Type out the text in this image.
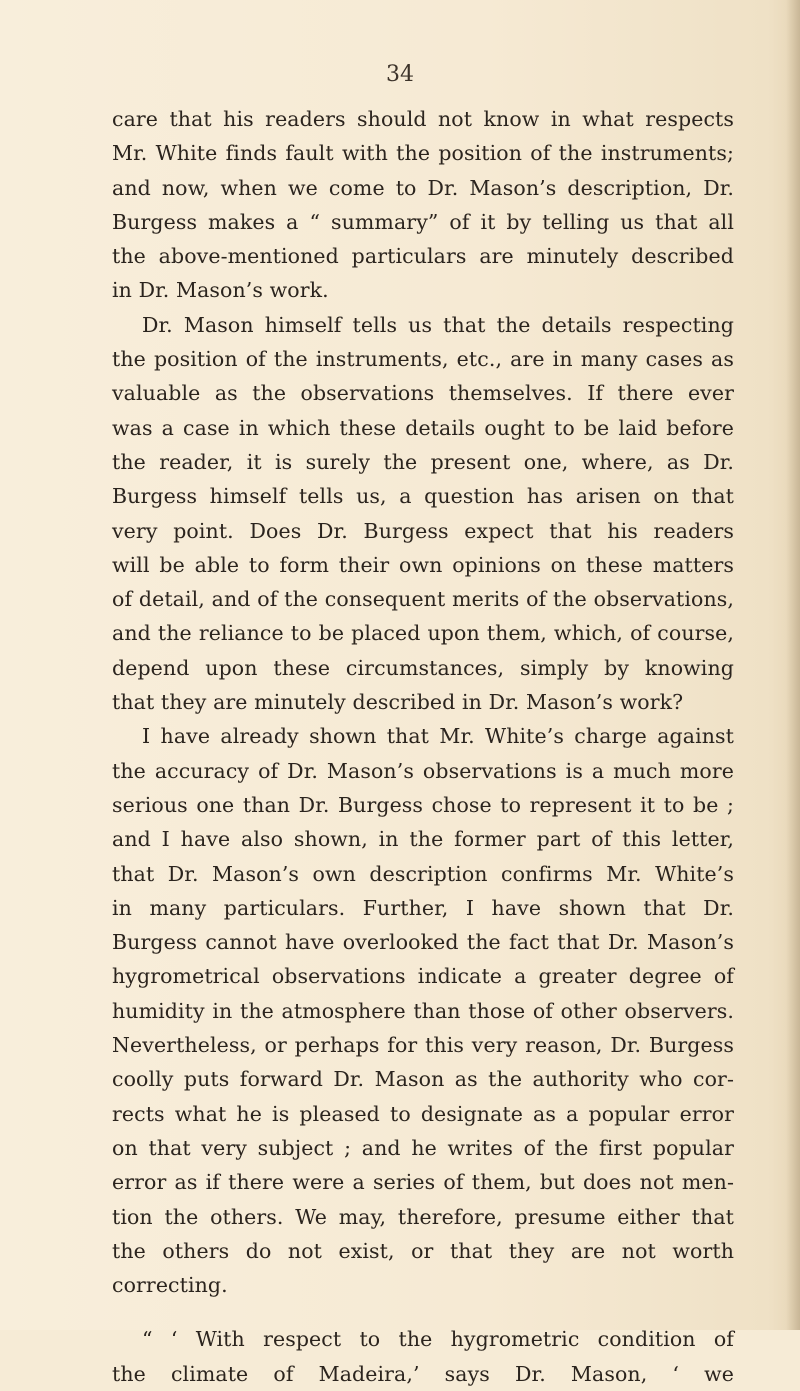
34
care that his readers should not know in what respects
Mr. White finds fault with the position of the instruments;
and now, when we come to Dr. Mason’s description, Dr.
Burgess makes a “ summary” of it by telling us that all
the above-mentioned particulars are minutely described
in Dr. Mason’s work.
Dr. Mason himself tells us that the details respecting
the position of the instruments, etc., are in many cases as
valuable as the observations themselves. If there ever
was a case in which these details ought to be laid before
the reader, it is surely the present one, where, as Dr.
Burgess himself tells us, a question has arisen on that
very point. Does Dr. Burgess expect that his readers
will be able to form their own opinions on these matters
of detail, and of the consequent merits of the observations,
and the reliance to be placed upon them, which, of course,
depend upon these circumstances, simply by knowing
that they are minutely described in Dr. Mason’s work?
I have already shown that Mr. White’s charge against
the accuracy of Dr. Mason’s observations is a much more
serious one than Dr. Burgess chose to represent it to be ;
and I have also shown, in the former part of this letter,
that Dr. Mason’s own description confirms Mr. White’s
in many particulars. Further, I have shown that Dr.
Burgess cannot have overlooked the fact that Dr. Mason’s
hygrometrical observations indicate a greater degree of
humidity in the atmosphere than those of other observers.
Nevertheless, or perhaps for this very reason, Dr. Burgess
coolly puts forward Dr. Mason as the authority who cor-
rects what he is pleased to designate as a popular error
on that very subject ; and he writes of the first popular
error as if there were a series of them, but does not men-
tion the others. We may, therefore, presume either that
the others do not exist, or that they are not worth
correcting.
“ ‘ With respect to the hygrometric condition of
the climate of Madeira,’ says Dr. Mason, ‘ we
